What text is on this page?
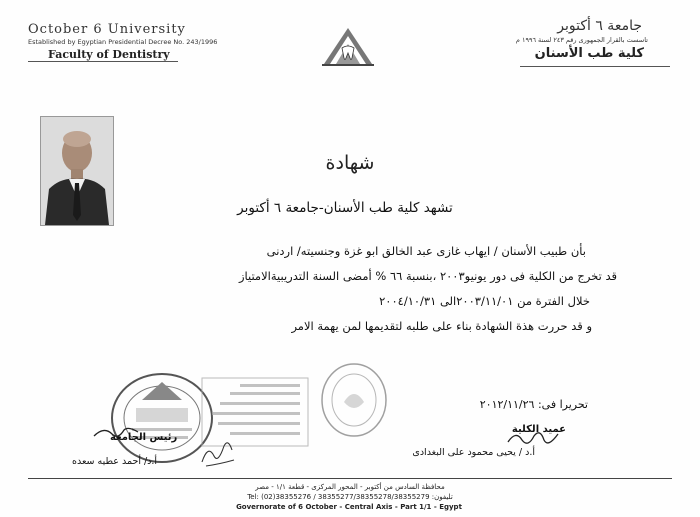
October 6 University
Established by Egyptian Presidential Decree No. 243/1996
Faculty of Dentistry
جامعة ٦ أكتوبر
تاسست بالقرار الجمهورى رقم ٢٤٣ لسنة ١٩٩٦ م
كلية طب الأسنان
شهادة
تشهد كلية طب الأسنان-جامعة ٦ أكتوبر
بأن طبيب الأسنان / ايهاب غازى عبد الخالق ابو غزة وجنسيته/ اردنى
قد تخرج من الكلية فى دور يونيو٢٠٠٣ ،بنسبة ٦٦ % أمضى السنة التدريبيةالامتياز
خلال الفترة من ٢٠٠٣/١١/٠١الى ٢٠٠٤/١٠/٣١
و قد حررت هذة الشهادة بناء على طلبه لتقديمها لمن يهمة الامر
تحريرا فى: ٢٠١٢/١١/٢٦
عميد الكلية
أ.د / يحيى محمود على البغدادى
رئيس الجامعة
أ.د/ أحمد عطيه سعده
محافظة السادس من أكتوبر - المحور المركزى - قطعة ١/١ - مصر
Tel: (02)38355276 / 38355277/38355278/38355279 :تليفون
Governorate of 6 October - Central Axis - Part 1/1 - Egypt
